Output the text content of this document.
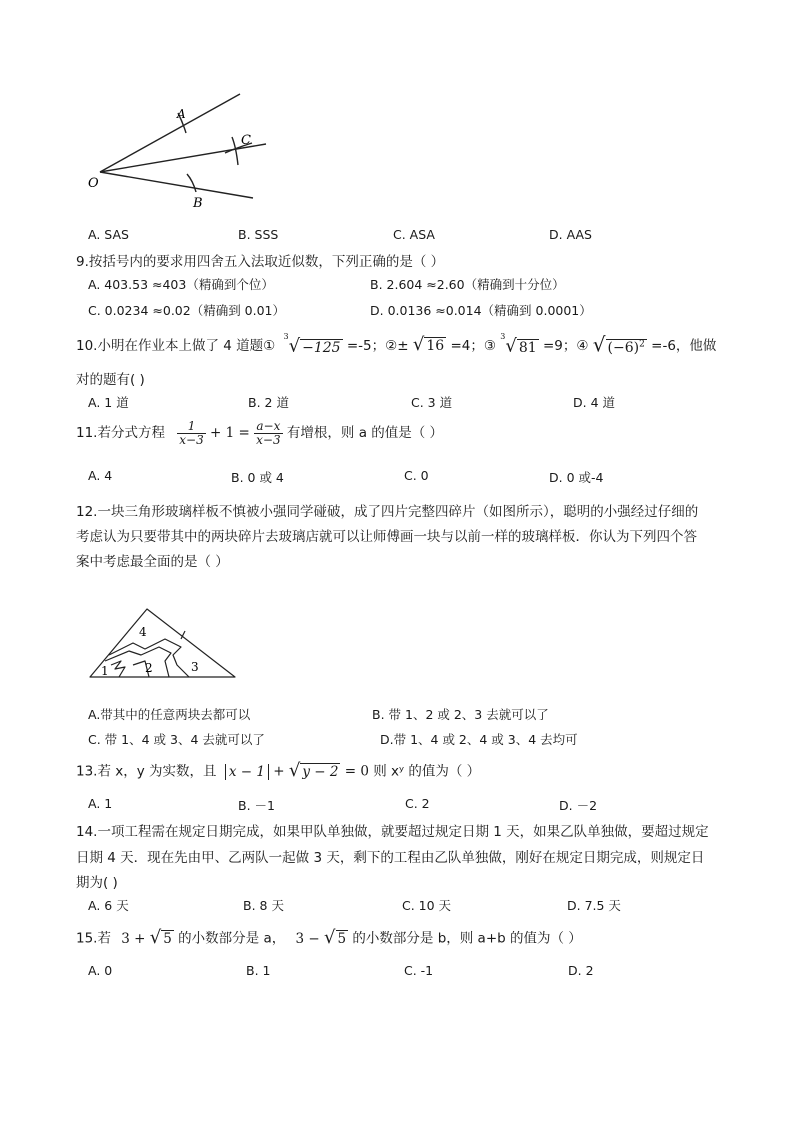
O
A
C
B
A. SAS	B. SSS	C. ASA	D. AAS
9.按括号内的要求用四舍五入法取近似数，下列正确的是（ ）
A. 403.53 ≈403（精确到个位）	B. 2.604 ≈2.60（精确到十分位）
C. 0.0234 ≈0.02（精确到 0.01）	D. 0.0136 ≈0.014（精确到 0.0001）
10.小明在作业本上做了 4 道题① $^3$√ −125 =-5；②± √ 16 =4；③ $^3$√ 81 =9；④ √ $(-6)^2 =-6$，他做
对的题有( )
A. 1 道	B. 2 道	C. 3 道	D. 4 道
11.若分式方程 $\frac{1}{x-3} + 1 = \frac{a-x}{x-3}$ 有增根，则 a 的值是（ ）
A. 4	B. 0 或 4	C. 0	D. 0 或-4
12.一块三角形玻璃样板不慎被小强同学碰破，成了四片完整四碎片（如图所示），聪明的小强经过仔细的
考虑认为只要带其中的两块碎片去玻璃店就可以让师傅画一块与以前一样的玻璃样板．你认为下列四个答
案中考虑最全面的是（ ）
1	2	3
4
A.带其中的任意两块去都可以	B. 带 1、2 或 2、3 去就可以了
C. 带 1、4 或 3、4 去就可以了	D.带 1、4 或 2、4 或 3、4 去均可
13.若 x，y 为实数，且 x − 1 + √ y − 2 = 0 则 xʸ 的值为（ ）
A. 1	B. －1	C. 2	D. －2
14.一项工程需在规定日期完成，如果甲队单独做，就要超过规定日期 1 天，如果乙队单独做，要超过规定
日期 4 天．现在先由甲、乙两队一起做 3 天，剩下的工程由乙队单独做，刚好在规定日期完成，则规定日
期为( )
A. 6 天	B. 8 天	C. 10 天	D. 7.5 天
15.若 3 + √ 5 的小数部分是 a， 3 − √ 5 的小数部分是 b，则 a+b 的值为（ ）
A. 0	B. 1	C. -1	D. 2
